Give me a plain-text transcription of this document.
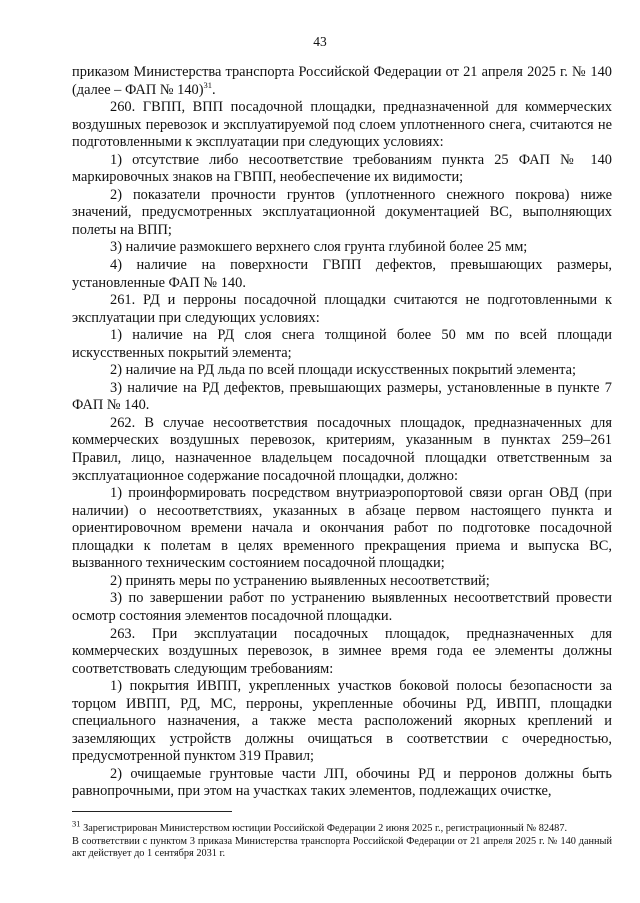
43

приказом Министерства транспорта Российской Федерации от 21 апреля 2025 г. № 140 (далее – ФАП № 140)$^{31}$.

260. ГВПП, ВПП посадочной площадки, предназначенной для коммерческих воздушных перевозок и эксплуатируемой под слоем уплотненного снега, считаются не подготовленными к эксплуатации при следующих условиях:

1) отсутствие либо несоответствие требованиям пункта 25 ФАП № 140 маркировочных знаков на ГВПП, необеспечение их видимости;

2) показатели прочности грунтов (уплотненного снежного покрова) ниже значений, предусмотренных эксплуатационной документацией ВС, выполняющих полеты на ВПП;

3) наличие размокшего верхнего слоя грунта глубиной более 25 мм;

4) наличие на поверхности ГВПП дефектов, превышающих размеры, установленные ФАП № 140.

261. РД и перроны посадочной площадки считаются не подготовленными к эксплуатации при следующих условиях:

1) наличие на РД слоя снега толщиной более 50 мм по всей площади искусственных покрытий элемента;

2) наличие на РД льда по всей площади искусственных покрытий элемента;

3) наличие на РД дефектов, превышающих размеры, установленные в пункте 7 ФАП № 140.

262. В случае несоответствия посадочных площадок, предназначенных для коммерческих воздушных перевозок, критериям, указанным в пунктах 259–261 Правил, лицо, назначенное владельцем посадочной площадки ответственным за эксплуатационное содержание посадочной площадки, должно:

1) проинформировать посредством внутриаэропортовой связи орган ОВД (при наличии) о несоответствиях, указанных в абзаце первом настоящего пункта и ориентировочном времени начала и окончания работ по подготовке посадочной площадки к полетам в целях временного прекращения приема и выпуска ВС, вызванного техническим состоянием посадочной площадки;

2) принять меры по устранению выявленных несоответствий;

3) по завершении работ по устранению выявленных несоответствий провести осмотр состояния элементов посадочной площадки.

263. При эксплуатации посадочных площадок, предназначенных для коммерческих воздушных перевозок, в зимнее время года ее элементы должны соответствовать следующим требованиям:

1) покрытия ИВПП, укрепленных участков боковой полосы безопасности за торцом ИВПП, РД, МС, перроны, укрепленные обочины РД, ИВПП, площадки специального назначения, а также места расположений якорных креплений и заземляющих устройств должны очищаться в соответствии с очередностью, предусмотренной пунктом 319 Правил;

2) очищаемые грунтовые части ЛП, обочины РД и перронов должны быть равнопрочными, при этом на участках таких элементов, подлежащих очистке,

$^{31}$ Зарегистрирован Министерством юстиции Российской Федерации 2 июня 2025 г., регистрационный № 82487.

В соответствии с пунктом 3 приказа Министерства транспорта Российской Федерации от 21 апреля 2025 г. № 140 данный акт действует до 1 сентября 2031 г.
